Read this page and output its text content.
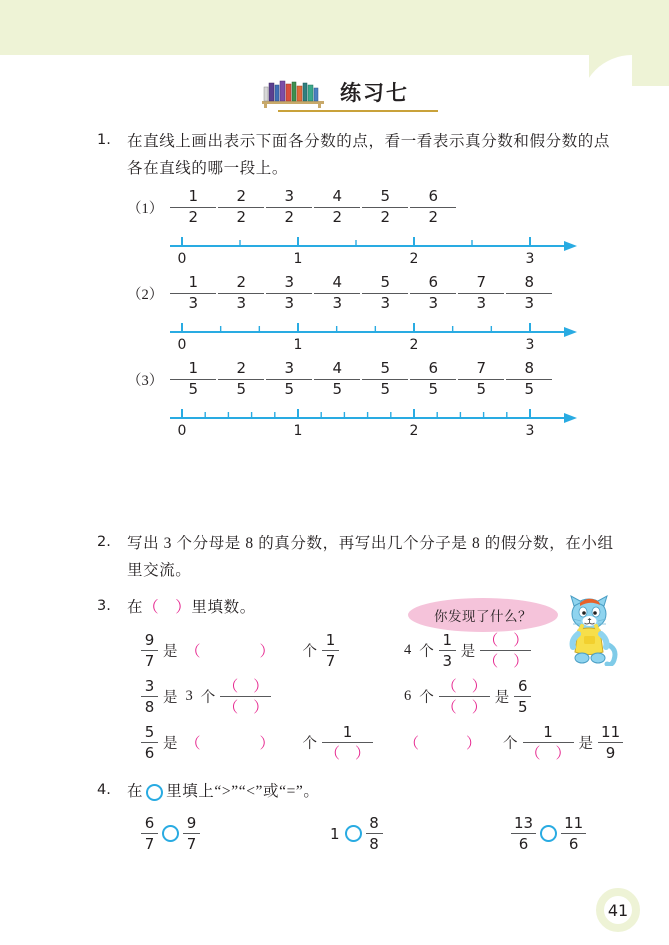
练习七
1.	在直线上画出表示下面各分数的点，看一看表示真分数和假分数的点各在直线的哪一段上。
$(1) \frac{1}{2} \frac{2}{2} \frac{3}{2} \frac{4}{2} \frac{5}{2} \frac{6}{2}$
0	1	2	3
$(2) \frac{1}{3} \frac{2}{3} \frac{3}{3} \frac{4}{3} \frac{5}{3} \frac{6}{3} \frac{7}{3} \frac{8}{3}$
0	1	2	3
$(3) \frac{1}{5} \frac{2}{5} \frac{3}{5} \frac{4}{5} \frac{5}{5} \frac{6}{5} \frac{7}{5} \frac{8}{5}$
0	1	2	3
你发现了什么？
2.	写出 3 个分母是 8 的真分数，再写出几个分子是 8 的假分数，在小组里交流。
3.	在（　）里填数。
$\frac{9}{7}$ 是 （　） 个 $\frac{1}{7}$	4 个 $\frac{1}{3}$ 是 $\frac{( )}{( )}$
$\frac{3}{8}$ 是 3 个 $\frac{( )}{( )}$	6 个 $\frac{( )}{( )}$ 是 $\frac{6}{5}$
$\frac{5}{6}$ 是 （　） 个 $\frac{1}{( )}$ （　） 个 $\frac{1}{( )}$ 是 $\frac{11}{9}$
4.	在 里填上“>”“<”或“=”。
$\frac{6}{7} \frac{9}{7}$	$1 \frac{8}{8}$	$\frac{13}{6} \frac{11}{6}$
41
